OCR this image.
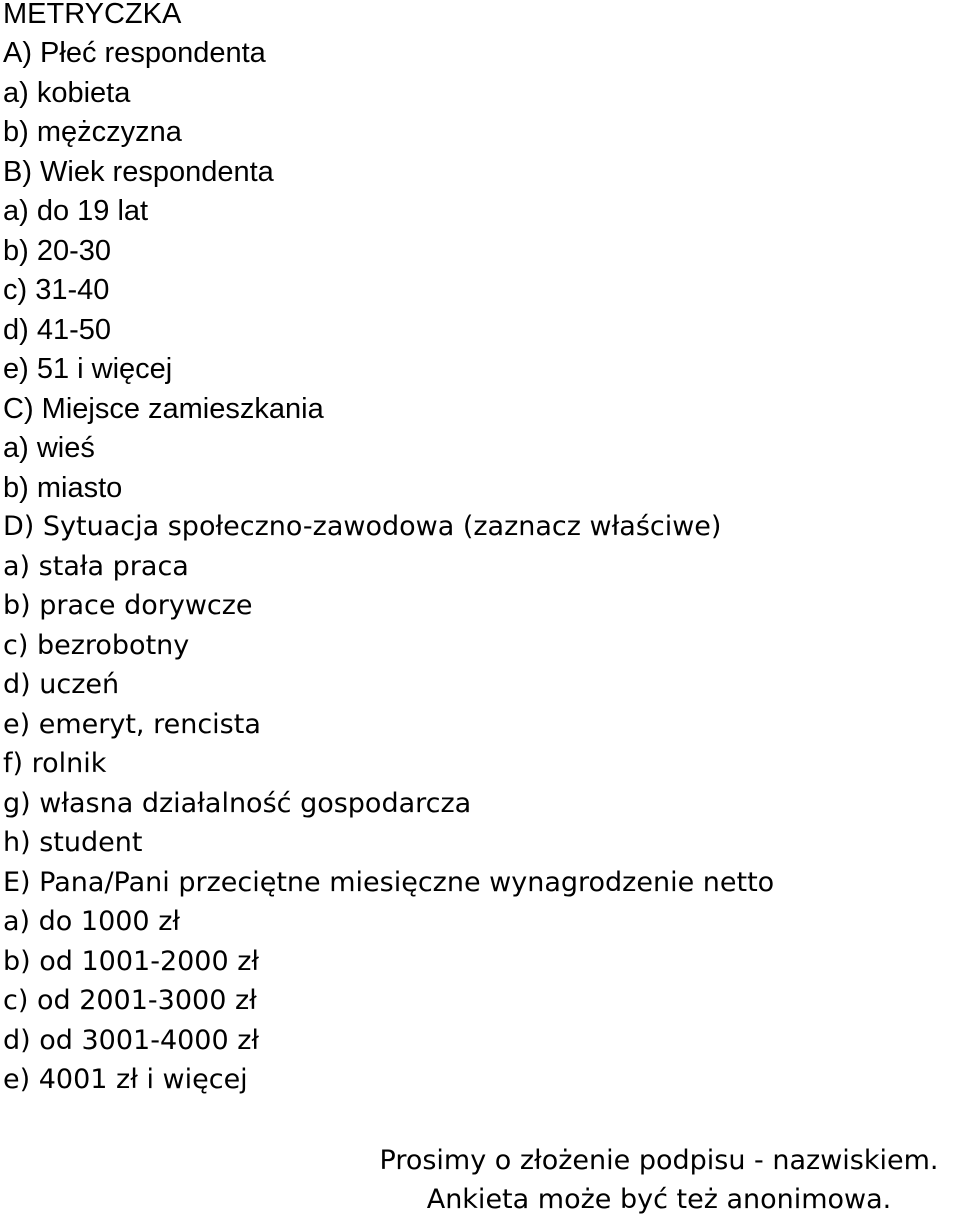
METRYCZKA
A) Płeć respondenta
a) kobieta
b) mężczyzna
B) Wiek respondenta
a) do 19 lat
b) 20-30
c) 31-40
d) 41-50
e) 51 i więcej
C) Miejsce zamieszkania
a) wieś
b) miasto
D) Sytuacja społeczno-zawodowa (zaznacz właściwe)
a) stała praca
b) prace dorywcze
c) bezrobotny
d) uczeń
e) emeryt, rencista
f) rolnik
g) własna działalność gospodarcza
h) student
E) Pana/Pani przeciętne miesięczne wynagrodzenie netto
a) do 1000 zł
b) od 1001-2000 zł
c) od 2001-3000 zł
d) od 3001-4000 zł
e) 4001 zł i więcej
Prosimy o złożenie podpisu - nazwiskiem.
Ankieta może być też anonimowa.
